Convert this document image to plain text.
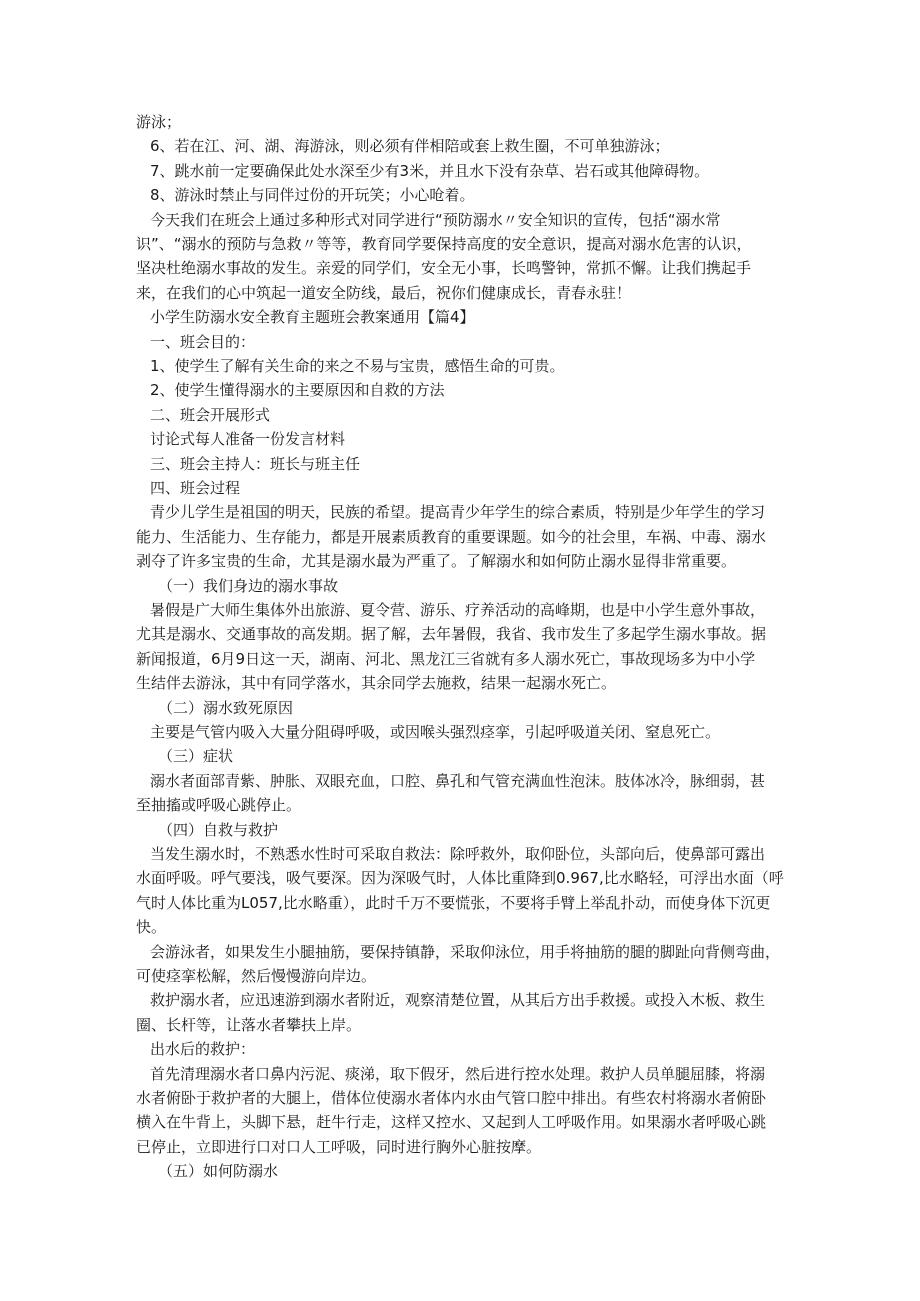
游泳；
6、若在江、河、湖、海游泳，则必须有伴相陪或套上救生圈，不可单独游泳；
7、跳水前一定要确保此处水深至少有3米，并且水下没有杂草、岩石或其他障碍物。
8、游泳时禁止与同伴过份的开玩笑；小心呛着。
今天我们在班会上通过多种形式对同学进行“预防溺水〃安全知识的宣传，包括“溺水常
识”、“溺水的预防与急救〃等等，教育同学要保持高度的安全意识，提高对溺水危害的认识，
坚决杜绝溺水事故的发生。亲爱的同学们，安全无小事，长鸣警钟，常抓不懈。让我们携起手
来，在我们的心中筑起一道安全防线，最后，祝你们健康成长，青春永驻！
小学生防溺水安全教育主题班会教案通用【篇4】
一、班会目的：
1、使学生了解有关生命的来之不易与宝贵，感悟生命的可贵。
2、使学生懂得溺水的主要原因和自救的方法
二、班会开展形式
讨论式每人准备一份发言材料
三、班会主持人：班长与班主任
四、班会过程
青少儿学生是祖国的明天，民族的希望。提高青少年学生的综合素质，特别是少年学生的学习
能力、生活能力、生存能力，都是开展素质教育的重要课题。如今的社会里，车祸、中毒、溺水
剥夺了许多宝贵的生命，尤其是溺水最为严重了。了解溺水和如何防止溺水显得非常重要。
（一）我们身边的溺水事故
暑假是广大师生集体外出旅游、夏令营、游乐、疗养活动的高峰期，也是中小学生意外事故，
尤其是溺水、交通事故的高发期。据了解，去年暑假，我省、我市发生了多起学生溺水事故。据
新闻报道，6月9日这一天，湖南、河北、黑龙江三省就有多人溺水死亡，事故现场多为中小学
生结伴去游泳，其中有同学落水，其余同学去施救，结果一起溺水死亡。
（二）溺水致死原因
主要是气管内吸入大量分阻碍呼吸，或因喉头强烈痉挛，引起呼吸道关闭、窒息死亡。
（三）症状
溺水者面部青紫、肿胀、双眼充血，口腔、鼻孔和气管充满血性泡沫。肢体冰冷，脉细弱，甚
至抽搐或呼吸心跳停止。
（四）自救与救护
当发生溺水时，不熟悉水性时可采取自救法：除呼救外，取仰卧位，头部向后，使鼻部可露出
水面呼吸。呼气要浅，吸气要深。因为深吸气时，人体比重降到0.967,比水略轻，可浮出水面（呼
气时人体比重为L057,比水略重），此时千万不要慌张，不要将手臂上举乱扑动，而使身体下沉更
快。
会游泳者，如果发生小腿抽筋，要保持镇静，采取仰泳位，用手将抽筋的腿的脚趾向背侧弯曲，
可使痉挛松解，然后慢慢游向岸边。
救护溺水者，应迅速游到溺水者附近，观察清楚位置，从其后方出手救援。或投入木板、救生
圈、长杆等，让落水者攀扶上岸。
出水后的救护：
首先清理溺水者口鼻内污泥、痰涕，取下假牙，然后进行控水处理。救护人员单腿屈膝，将溺
水者俯卧于救护者的大腿上，借体位使溺水者体内水由气管口腔中排出。有些农村将溺水者俯卧
横入在牛背上，头脚下悬，赶牛行走，这样又控水、又起到人工呼吸作用。如果溺水者呼吸心跳
已停止，立即进行口对口人工呼吸，同时进行胸外心脏按摩。
（五）如何防溺水
